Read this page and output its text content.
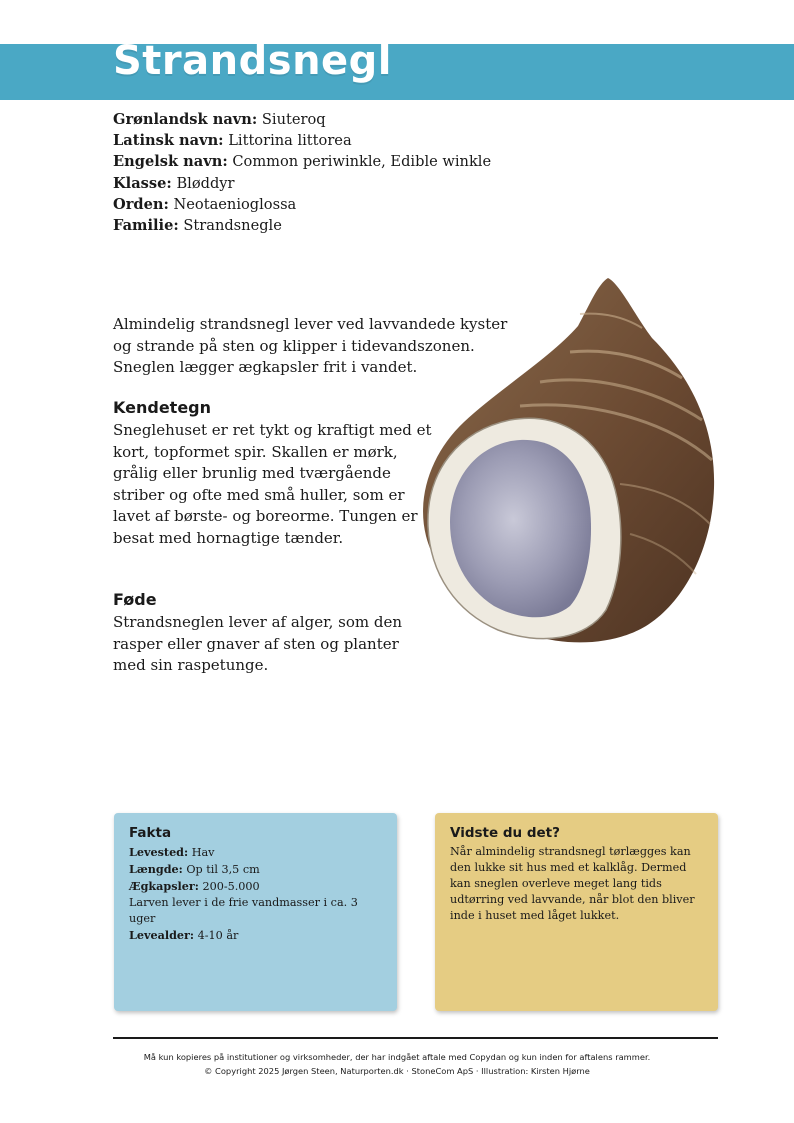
Strandsnegl
Grønlandsk navn: Siuteroq
Latinsk navn: Littorina littorea
Engelsk navn: Common periwinkle, Edible winkle
Klasse: Bløddyr
Orden: Neotaenioglossa
Familie: Strandsnegle
Almindelig strandsnegl lever ved lavvandede kyster og strande på sten og klipper i tidevandszonen. Sneglen lægger ægkapsler frit i vandet.
Kendetegn
Sneglehuset er ret tykt og kraftigt med et kort, topformet spir. Skallen er mørk, grålig eller brunlig med tværgående striber og ofte med små huller, som er lavet af børste- og boreorme. Tungen er besat med hornagtige tænder.
Føde
Strandsneglen lever af alger, som den rasper eller gnaver af sten og planter med sin raspetunge.
Fakta
Levested: Hav
Længde: Op til 3,5 cm
Ægkapsler: 200-5.000
Larven lever i de frie vandmasser i ca. 3 uger
Levealder: 4-10 år
Vidste du det?
Når almindelig strandsnegl tørlægges kan den lukke sit hus med et kalklåg. Dermed kan sneglen overleve meget lang tids udtørring ved lavvande, når blot den bliver inde i huset med låget lukket.
Må kun kopieres på institutioner og virksomheder, der har indgået aftale med Copydan og kun inden for aftalens rammer.
© Copyright 2025 Jørgen Steen, Naturporten.dk · StoneCom ApS · Illustration: Kirsten Hjørne
